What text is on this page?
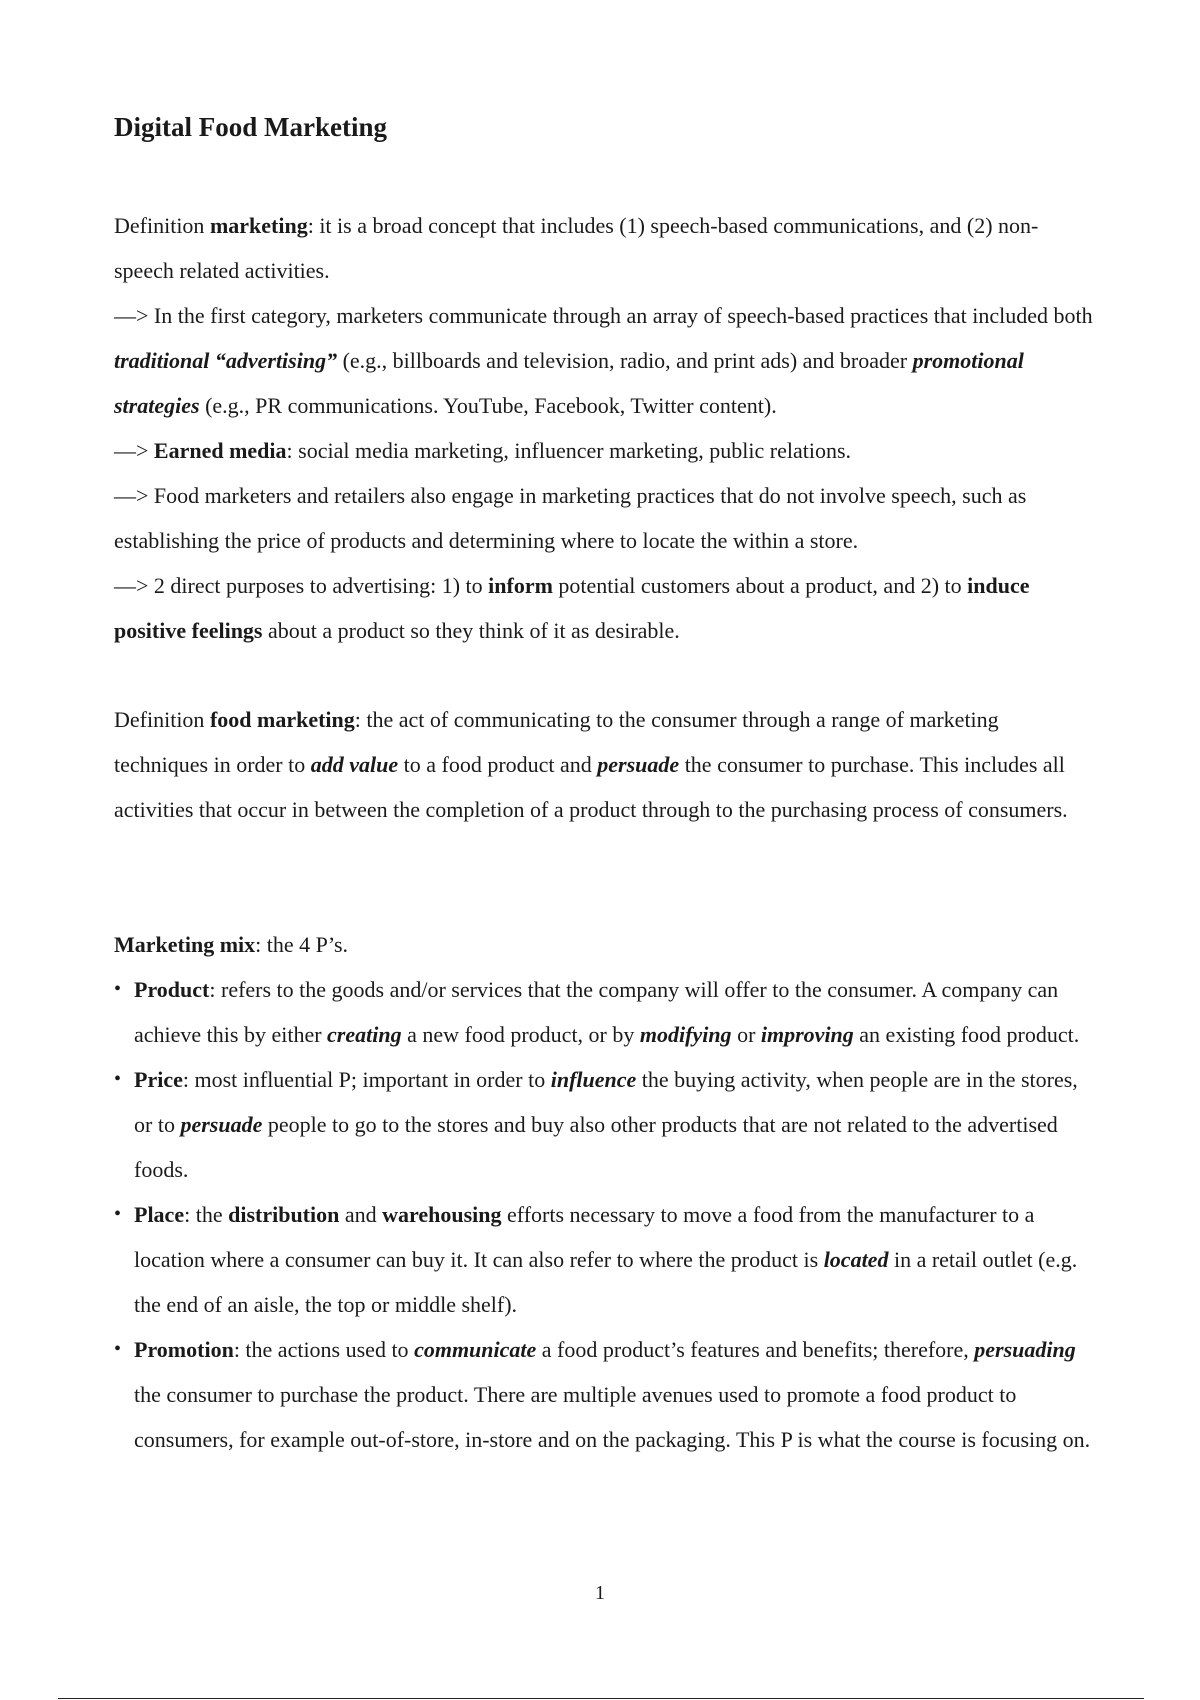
Digital Food Marketing

Definition marketing: it is a broad concept that includes (1) speech-based communications, and (2) non-speech related activities.

—> In the first category, marketers communicate through an array of speech-based practices that included both traditional “advertising” (e.g., billboards and television, radio, and print ads) and broader promotional strategies (e.g., PR communications. YouTube, Facebook, Twitter content).

—> Earned media: social media marketing, influencer marketing, public relations.

—> Food marketers and retailers also engage in marketing practices that do not involve speech, such as establishing the price of products and determining where to locate the within a store.

—> 2 direct purposes to advertising: 1) to inform potential customers about a product, and 2) to induce positive feelings about a product so they think of it as desirable.

Definition food marketing: the act of communicating to the consumer through a range of marketing techniques in order to add value to a food product and persuade the consumer to purchase. This includes all activities that occur in between the completion of a product through to the purchasing process of consumers.

Marketing mix: the 4 P’s.

• Product: refers to the goods and/or services that the company will offer to the consumer. A company can achieve this by either creating a new food product, or by modifying or improving an existing food product.
• Price: most influential P; important in order to influence the buying activity, when people are in the stores, or to persuade people to go to the stores and buy also other products that are not related to the advertised foods.
• Place: the distribution and warehousing efforts necessary to move a food from the manufacturer to a location where a consumer can buy it. It can also refer to where the product is located in a retail outlet (e.g. the end of an aisle, the top or middle shelf).
• Promotion: the actions used to communicate a food product’s features and benefits; therefore, persuading the consumer to purchase the product. There are multiple avenues used to promote a food product to consumers, for example out-of-store, in-store and on the packaging. This P is what the course is focusing on.
1
